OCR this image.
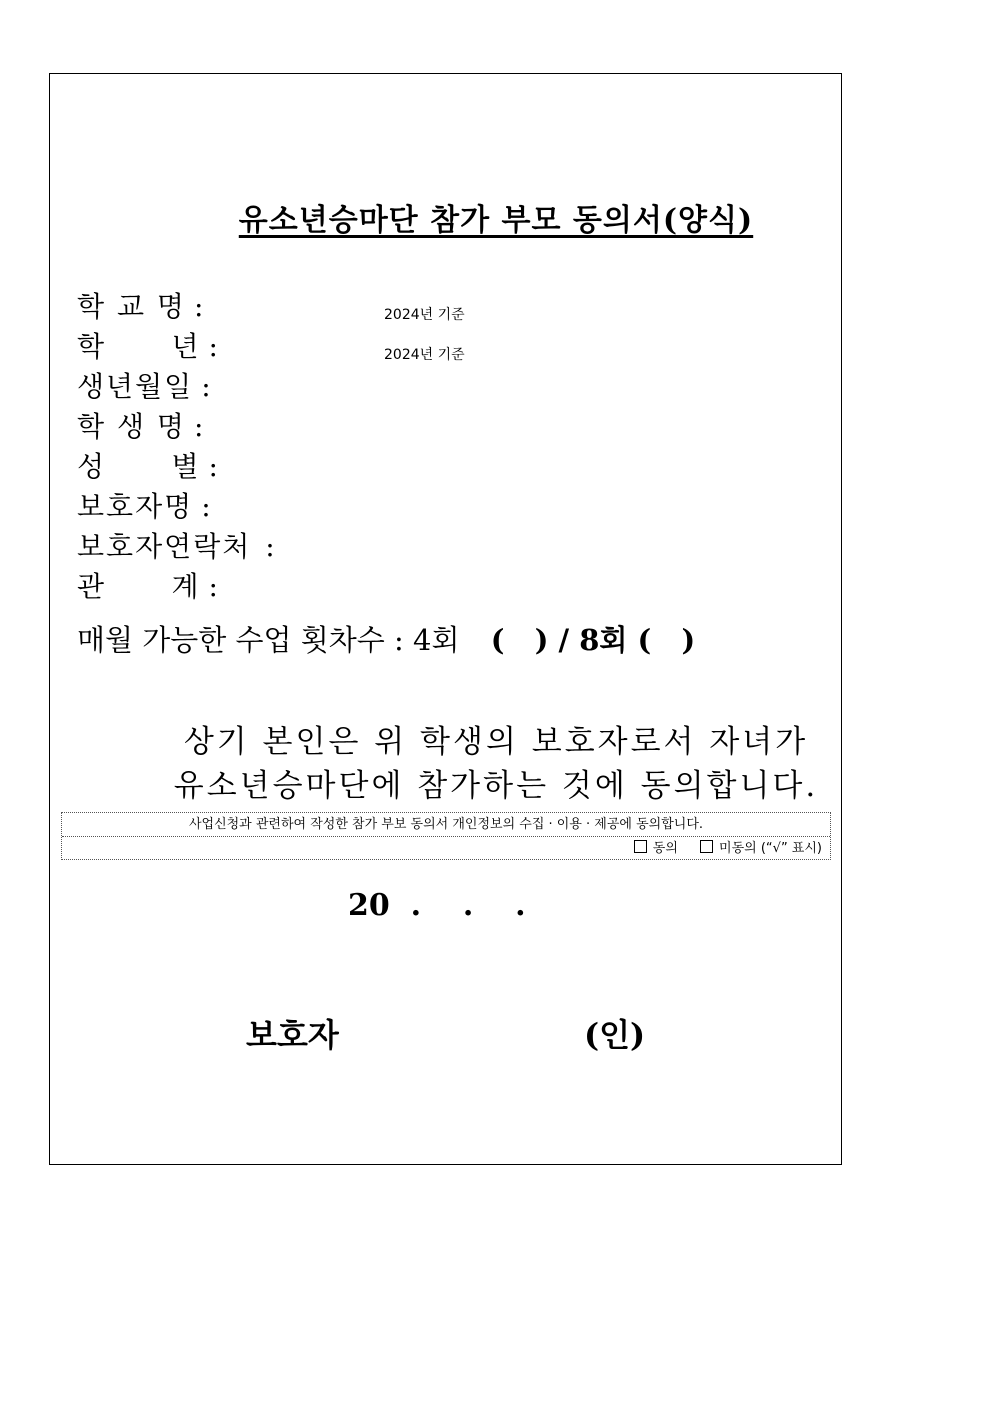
유소년승마단 참가 부모 동의서(양식)
학 교 명 :	2024년 기준
학      년 :	2024년 기준
생년월일 :
학 생 명 :
성      별 :
보호자명 :
보호자연락처 :
관      계 :
매월 가능한 수업 횟차수 : 4회 (   ) / 8회 (   )
상기 본인은 위 학생의 보호자로서 자녀가
유소년승마단에 참가하는 것에 동의합니다.
사업신청과 관련하여 작성한 참가 부보 동의서 개인정보의 수집 · 이용 · 제공에 동의합니다.
동의	미동의 (“√” 표시)
20  .    .    .
보호자	(인)
